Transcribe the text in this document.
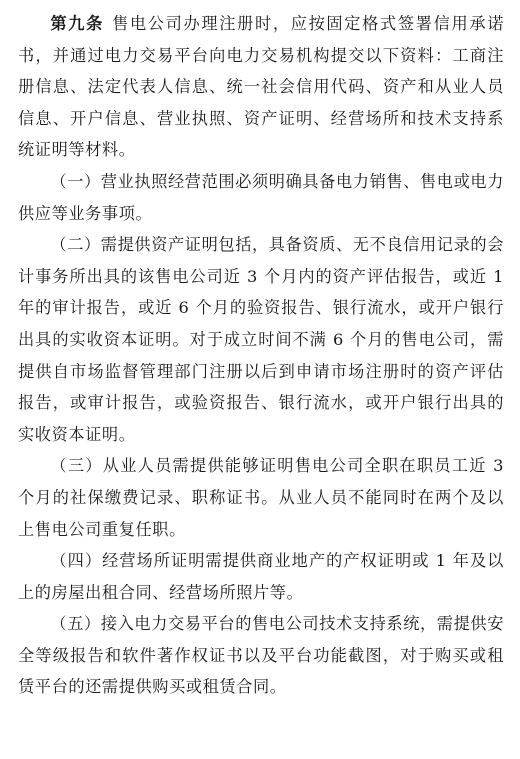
第九条 售电公司办理注册时，应按固定格式签署信用承诺书，并通过电力交易平台向电力交易机构提交以下资料：工商注册信息、法定代表人信息、统一社会信用代码、资产和从业人员信息、开户信息、营业执照、资产证明、经营场所和技术支持系统证明等材料。

（一）营业执照经营范围必须明确具备电力销售、售电或电力供应等业务事项。

（二）需提供资产证明包括，具备资质、无不良信用记录的会计事务所出具的该售电公司近 3 个月内的资产评估报告，或近 1 年的审计报告，或近 6 个月的验资报告、银行流水，或开户银行出具的实收资本证明。对于成立时间不满 6 个月的售电公司，需提供自市场监督管理部门注册以后到申请市场注册时的资产评估报告，或审计报告，或验资报告、银行流水，或开户银行出具的实收资本证明。

（三）从业人员需提供能够证明售电公司全职在职员工近 3 个月的社保缴费记录、职称证书。从业人员不能同时在两个及以上售电公司重复任职。

（四）经营场所证明需提供商业地产的产权证明或 1 年及以上的房屋出租合同、经营场所照片等。

（五）接入电力交易平台的售电公司技术支持系统，需提供安全等级报告和软件著作权证书以及平台功能截图，对于购买或租赁平台的还需提供购买或租赁合同。
